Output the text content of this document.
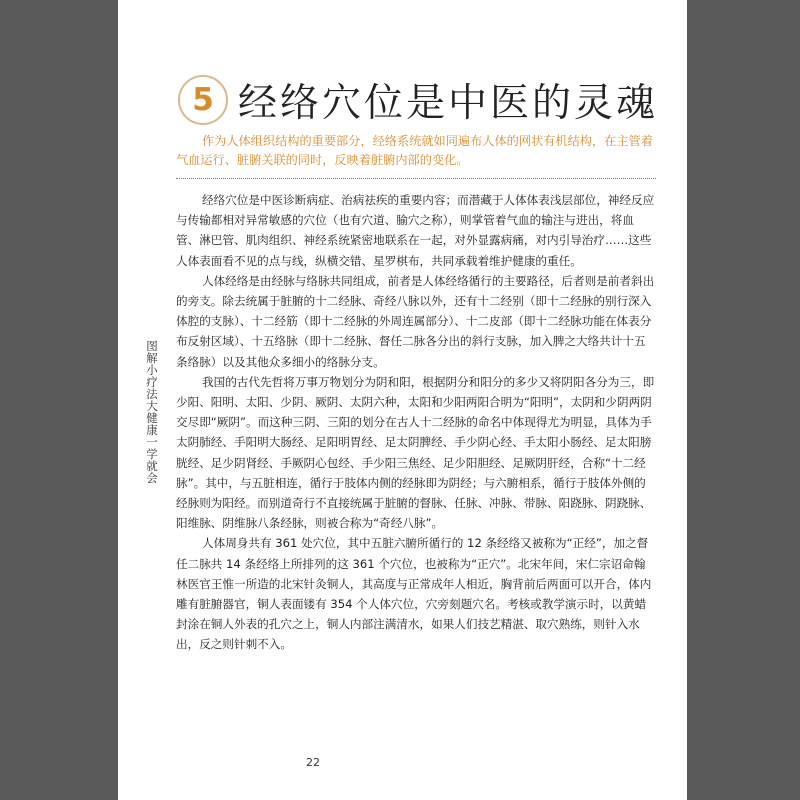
5 经络穴位是中医的灵魂
作为人体组织结构的重要部分，经络系统就如同遍布人体的网状有机结构，在主管着气血运行、脏腑关联的同时，反映着脏腑内部的变化。

经络穴位是中医诊断病症、治病祛疾的重要内容；而潜藏于人体体表浅层部位，神经反应与传输都相对异常敏感的穴位（也有穴道、腧穴之称），则掌管着气血的输注与进出，将血管、淋巴管、肌肉组织、神经系统紧密地联系在一起，对外显露病痛，对内引导治疗……这些人体表面看不见的点与线，纵横交错、星罗棋布，共同承载着维护健康的重任。

人体经络是由经脉与络脉共同组成，前者是人体经络循行的主要路径，后者则是前者斜出的旁支。除去统属于脏腑的十二经脉、奇经八脉以外，还有十二经别（即十二经脉的别行深入体腔的支脉）、十二经筋（即十二经脉的外周连属部分）、十二皮部（即十二经脉功能在体表分布反射区域）、十五络脉（即十二经脉、督任二脉各分出的斜行支脉，加入脾之大络共计十五条络脉）以及其他众多细小的络脉分支。

我国的古代先哲将万事万物划分为阴和阳，根据阴分和阳分的多少又将阴阳各分为三，即少阳、阳明、太阳、少阴、厥阴、太阴六种，太阳和少阳两阳合明为“阳明”，太阴和少阴两阴交尽即“厥阴”。而这种三阴、三阳的划分在古人十二经脉的命名中体现得尤为明显，具体为手太阴肺经、手阳明大肠经、足阳明胃经、足太阴脾经、手少阴心经、手太阳小肠经、足太阳膀胱经、足少阴肾经、手厥阴心包经、手少阳三焦经、足少阳胆经、足厥阴肝经，合称“十二经脉”。其中，与五脏相连，循行于肢体内侧的经脉即为阴经；与六腑相系，循行于肢体外侧的经脉则为阳经。而别道奇行不直接统属于脏腑的督脉、任脉、冲脉、带脉、阳跷脉、阴跷脉、阳维脉、阴维脉八条经脉，则被合称为“奇经八脉”。

人体周身共有 361 处穴位，其中五脏六腑所循行的 12 条经络又被称为“正经”，加之督任二脉共 14 条经络上所排列的这 361 个穴位，也被称为“正穴”。北宋年间，宋仁宗诏命翰林医官王惟一所造的北宋针灸铜人，其高度与正常成年人相近，胸背前后两面可以开合，体内雕有脏腑器官，铜人表面镂有 354 个人体穴位，穴旁刻题穴名。考核或教学演示时，以黄蜡封涂在铜人外表的孔穴之上，铜人内部注满清水，如果人们技艺精湛、取穴熟练，则针入水出，反之则针刺不入。

22
图解小疗法大健康一学就会
